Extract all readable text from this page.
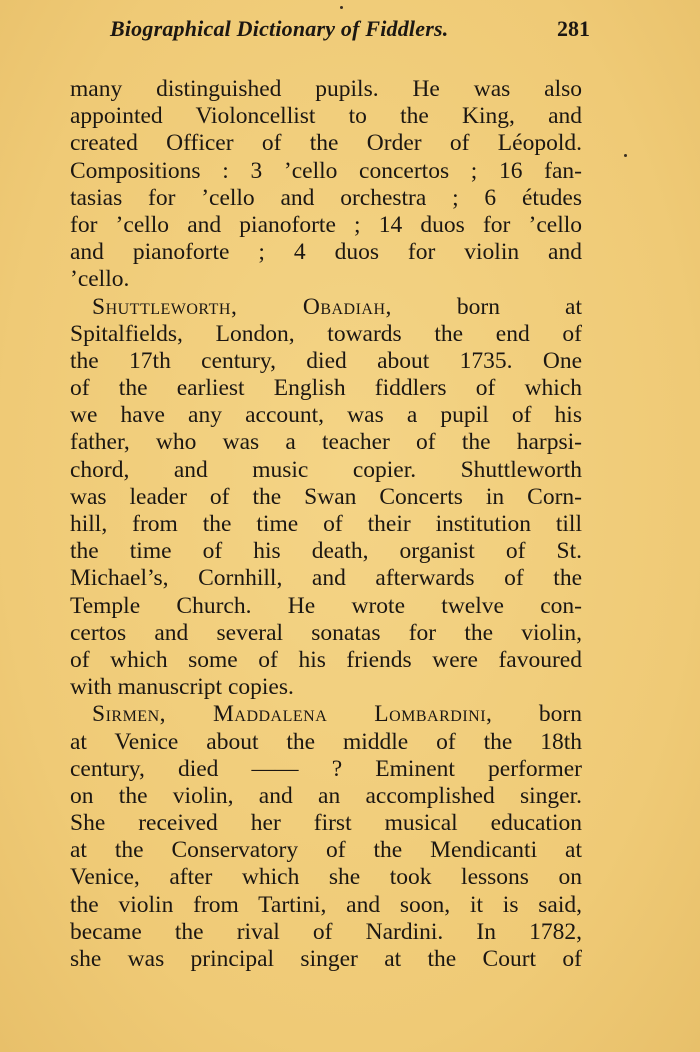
Biographical Dictionary of Fiddlers.	281
many distinguished pupils. He was also
appointed Violoncellist to the King, and
created Officer of the Order of Léopold.
Compositions : 3 ’cello concertos ; 16 fan-
tasias for ’cello and orchestra ; 6 études
for ’cello and pianoforte ; 14 duos for ’cello
and pianoforte ; 4 duos for violin and
’cello.
Shuttleworth, Obadiah, born at
Spitalfields, London, towards the end of
the 17th century, died about 1735. One
of the earliest English fiddlers of which
we have any account, was a pupil of his
father, who was a teacher of the harpsi-
chord, and music copier. Shuttleworth
was leader of the Swan Concerts in Corn-
hill, from the time of their institution till
the time of his death, organist of St.
Michael’s, Cornhill, and afterwards of the
Temple Church. He wrote twelve con-
certos and several sonatas for the violin,
of which some of his friends were favoured
with manuscript copies.
Sirmen, Maddalena Lombardini, born
at Venice about the middle of the 18th
century, died —— ? Eminent performer
on the violin, and an accomplished singer.
She received her first musical education
at the Conservatory of the Mendicanti at
Venice, after which she took lessons on
the violin from Tartini, and soon, it is said,
became the rival of Nardini. In 1782,
she was principal singer at the Court of
